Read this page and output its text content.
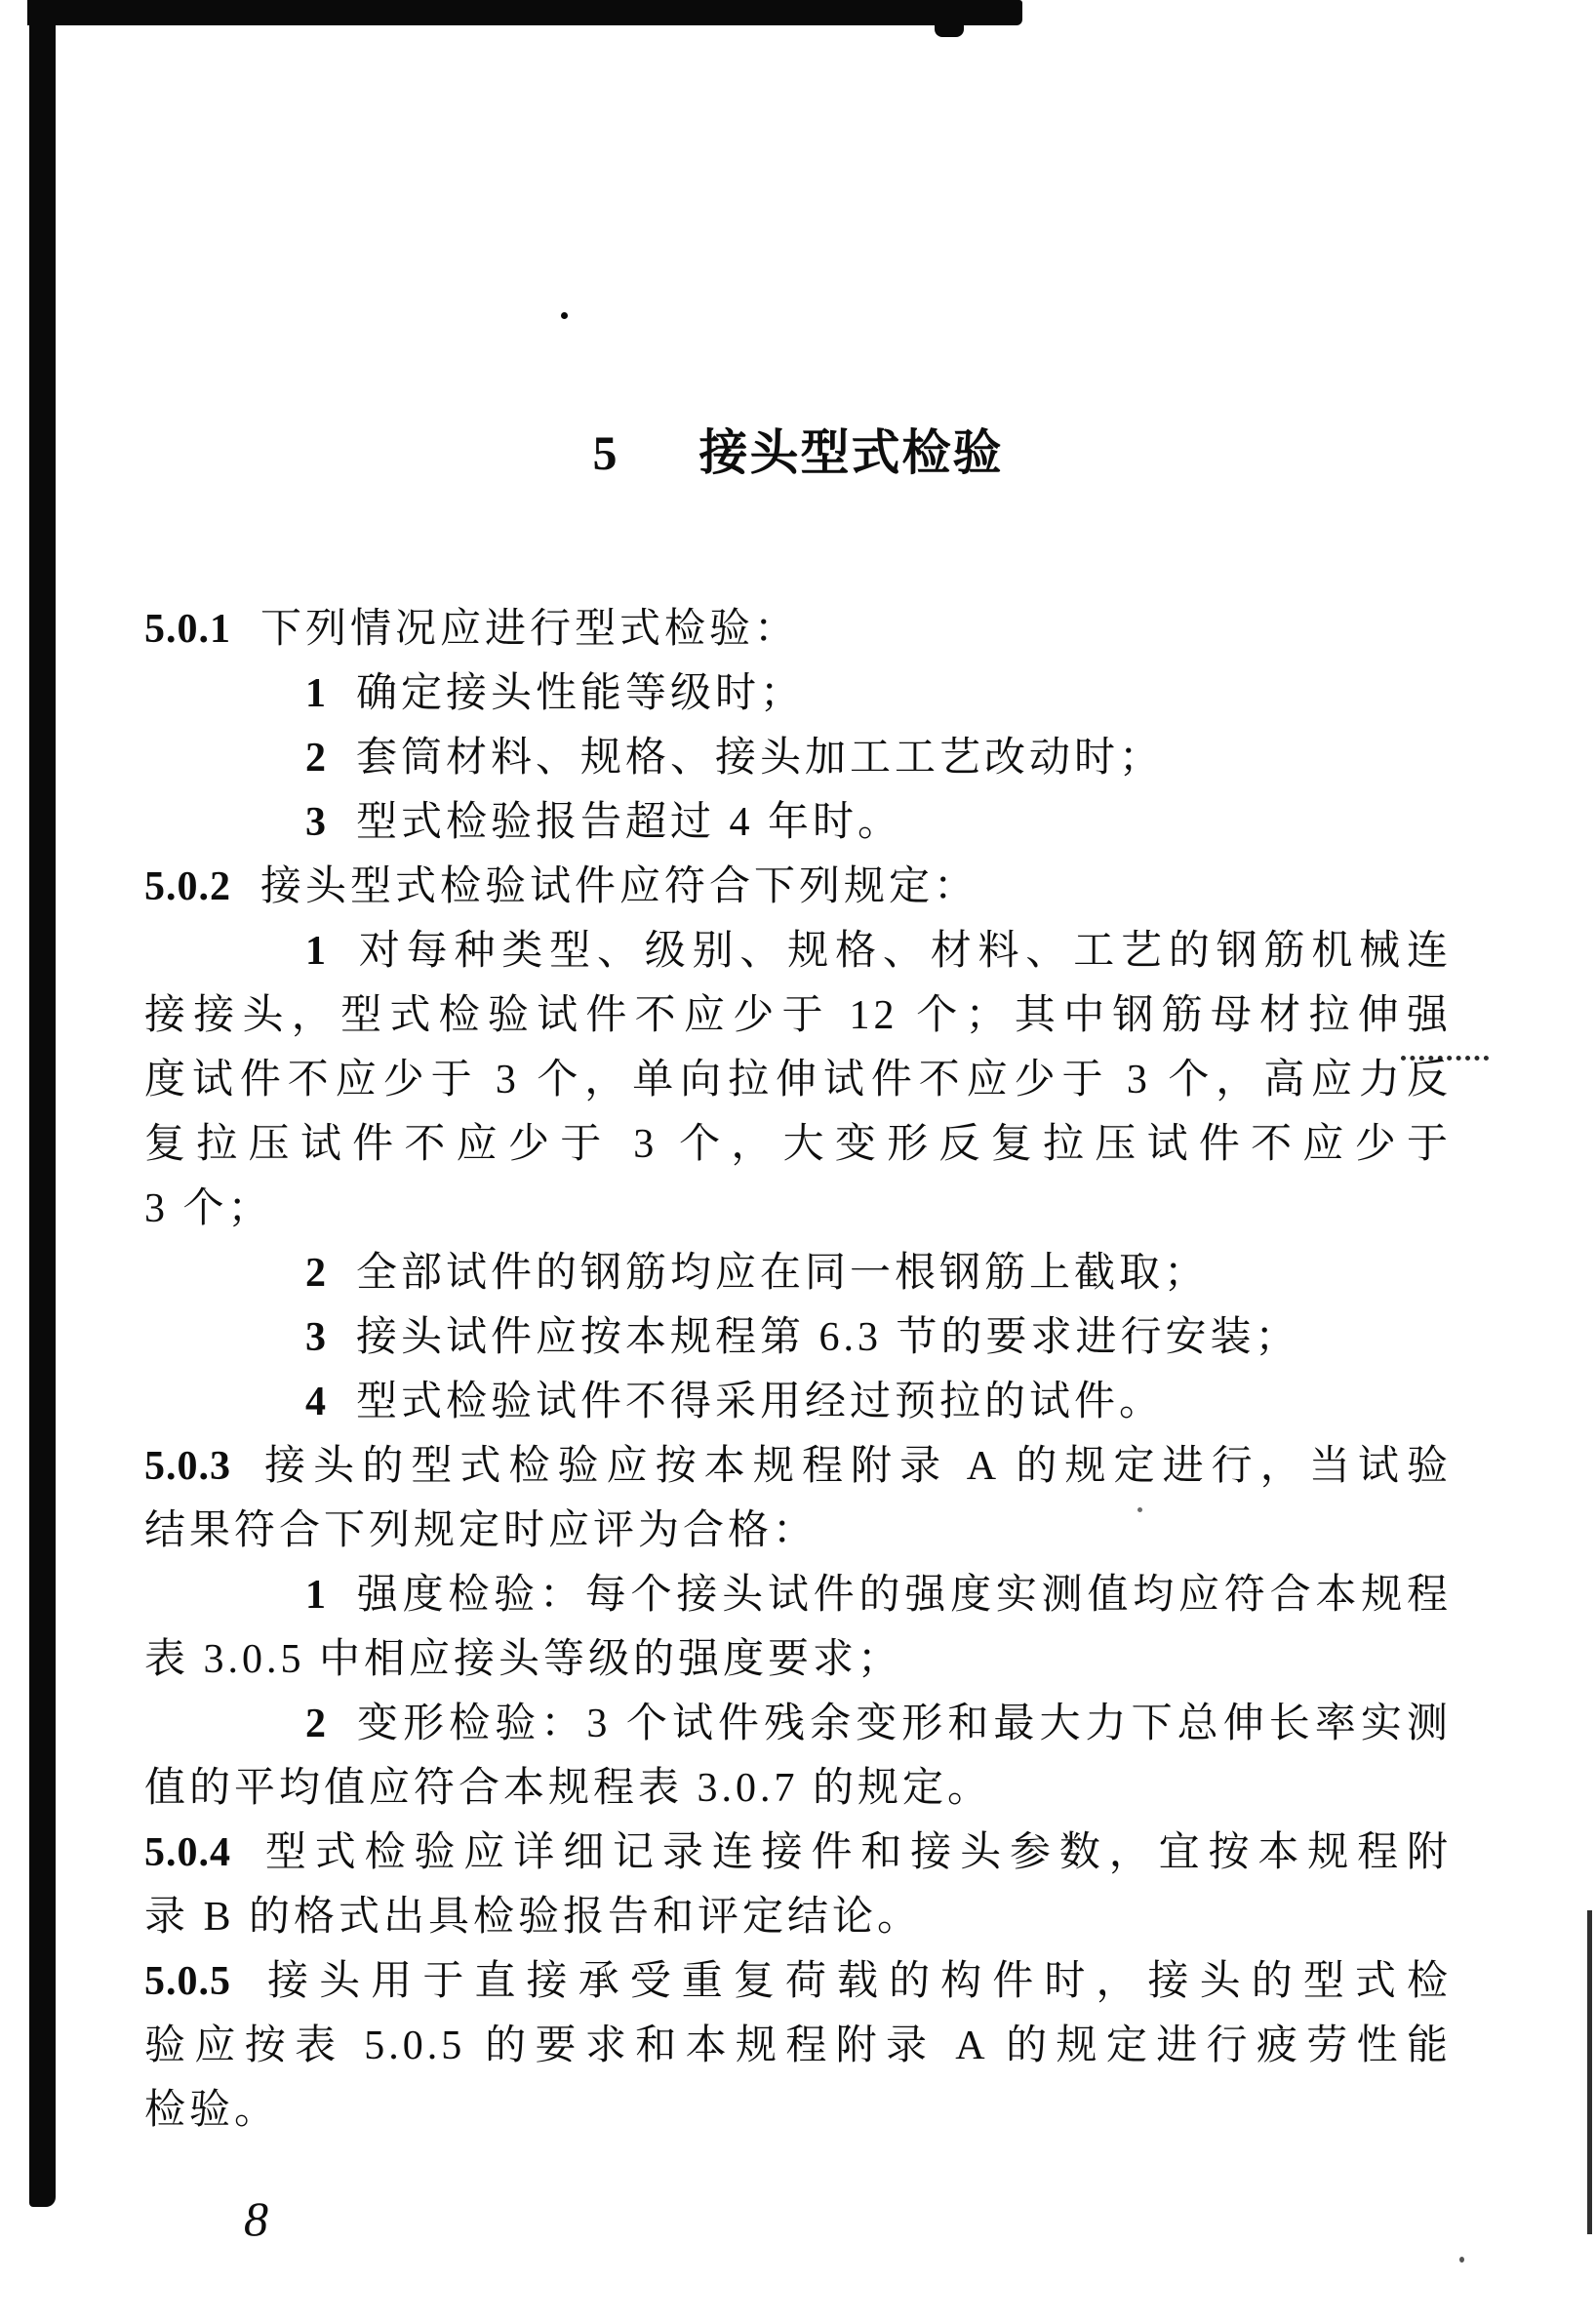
5 接头型式检验
5.0.1 下列情况应进行型式检验：
1 确定接头性能等级时；
2 套筒材料、规格、接头加工工艺改动时；
3 型式检验报告超过 4 年时。
5.0.2 接头型式检验试件应符合下列规定：
1 对每种类型、级别、规格、材料、工艺的钢筋机械连
接接头，型式检验试件不应少于 12 个；其中钢筋母材拉伸强
度试件不应少于 3 个，单向拉伸试件不应少于 3 个，高应力反
复拉压试件不应少于 3 个，大变形反复拉压试件不应少于
3 个；
2 全部试件的钢筋均应在同一根钢筋上截取；
3 接头试件应按本规程第 6.3 节的要求进行安装；
4 型式检验试件不得采用经过预拉的试件。
5.0.3 接头的型式检验应按本规程附录 A 的规定进行，当试验
结果符合下列规定时应评为合格：
1 强度检验：每个接头试件的强度实测值均应符合本规程
表 3.0.5 中相应接头等级的强度要求；
2 变形检验：3 个试件残余变形和最大力下总伸长率实测
值的平均值应符合本规程表 3.0.7 的规定。
5.0.4 型式检验应详细记录连接件和接头参数，宜按本规程附
录 B 的格式出具检验报告和评定结论。
5.0.5 接头用于直接承受重复荷载的构件时，接头的型式检
验应按表 5.0.5 的要求和本规程附录 A 的规定进行疲劳性能
检验。
8
